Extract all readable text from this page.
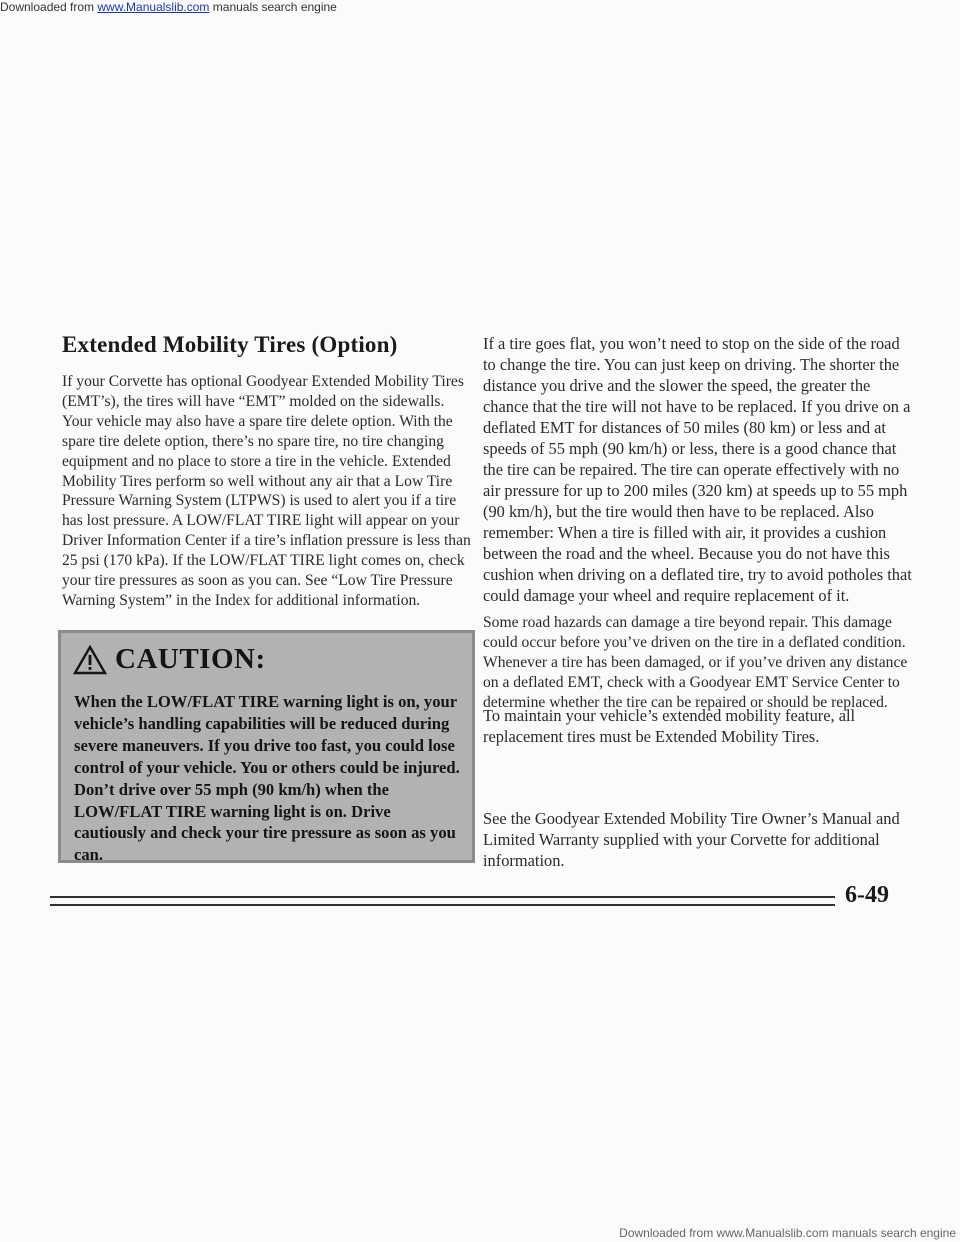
Downloaded from www.Manualslib.com manuals search engine
Extended Mobility Tires (Option)

If your Corvette has optional Goodyear Extended Mobility Tires (EMT’s), the tires will have “EMT” molded on the sidewalls. Your vehicle may also have a spare tire delete option. With the spare tire delete option, there’s no spare tire, no tire changing equipment and no place to store a tire in the vehicle. Extended Mobility Tires perform so well without any air that a Low Tire Pressure Warning System (LTPWS) is used to alert you if a tire has lost pressure. A LOW/FLAT TIRE light will appear on your Driver Information Center if a tire’s inflation pressure is less than 25 psi (170 kPa). If the LOW/FLAT TIRE light comes on, check your tire pressures as soon as you can. See “Low Tire Pressure Warning System” in the Index for additional information.

CAUTION:

When the LOW/FLAT TIRE warning light is on, your vehicle’s handling capabilities will be reduced during severe maneuvers. If you drive too fast, you could lose control of your vehicle. You or others could be injured. Don’t drive over 55 mph (90 km/h) when the LOW/FLAT TIRE warning light is on. Drive cautiously and check your tire pressure as soon as you can.

If a tire goes flat, you won’t need to stop on the side of the road to change the tire. You can just keep on driving. The shorter the distance you drive and the slower the speed, the greater the chance that the tire will not have to be replaced. If you drive on a deflated EMT for distances of 50 miles (80 km) or less and at speeds of 55 mph (90 km/h) or less, there is a good chance that the tire can be repaired. The tire can operate effectively with no air pressure for up to 200 miles (320 km) at speeds up to 55 mph (90 km/h), but the tire would then have to be replaced. Also remember: When a tire is filled with air, it provides a cushion between the road and the wheel. Because you do not have this cushion when driving on a deflated tire, try to avoid potholes that could damage your wheel and require replacement of it.

Some road hazards can damage a tire beyond repair. This damage could occur before you’ve driven on the tire in a deflated condition. Whenever a tire has been damaged, or if you’ve driven any distance on a deflated EMT, check with a Goodyear EMT Service Center to determine whether the tire can be repaired or should be replaced.

To maintain your vehicle’s extended mobility feature, all replacement tires must be Extended Mobility Tires.

See the Goodyear Extended Mobility Tire Owner’s Manual and Limited Warranty supplied with your Corvette for additional information.

6-49
Downloaded from www.Manualslib.com manuals search engine
